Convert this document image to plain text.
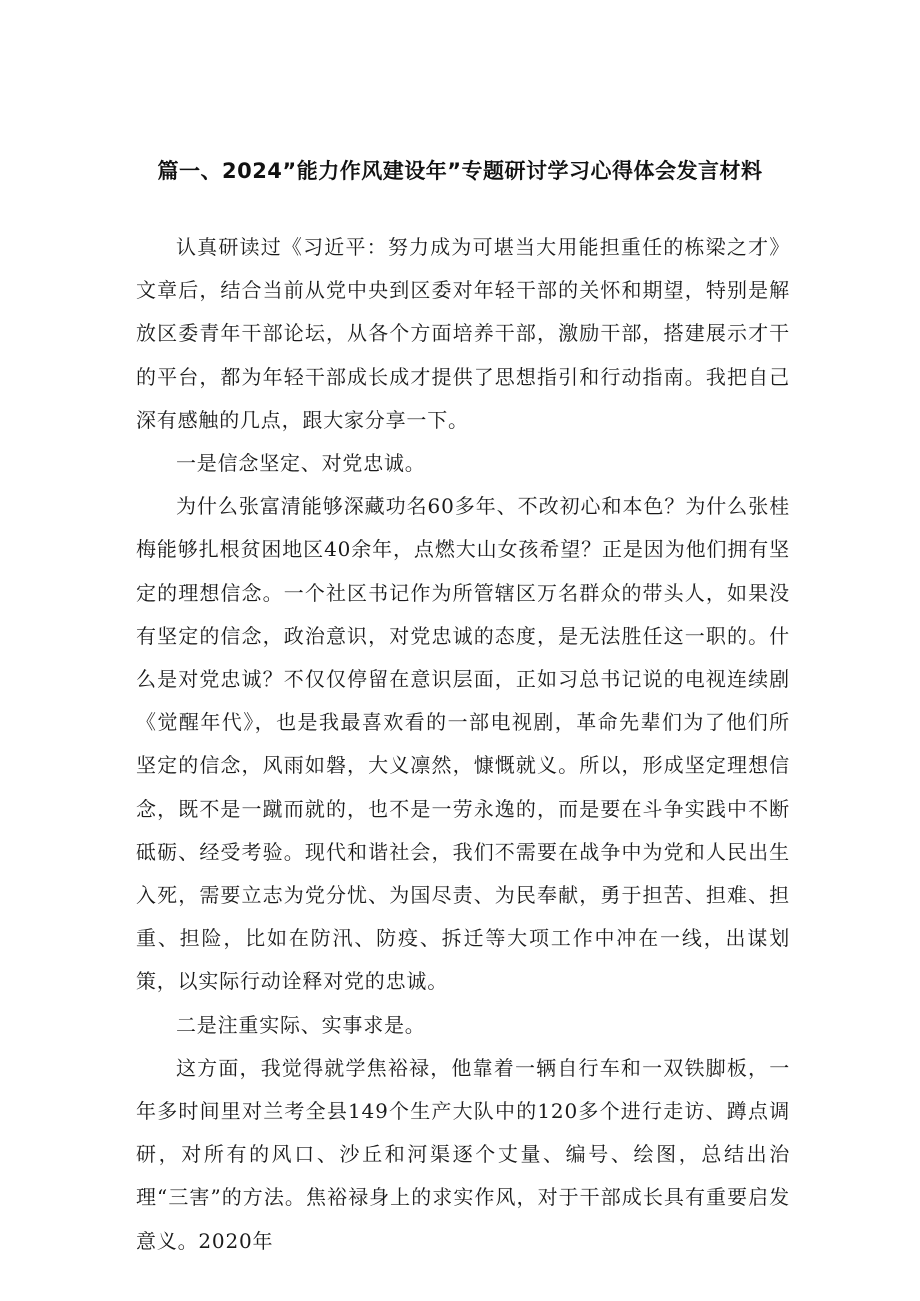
篇一、2024”能力作风建设年”专题研讨学习心得体会发言材料

认真研读过《习近平：努力成为可堪当大用能担重任的栋梁之才》文章后，结合当前从党中央到区委对年轻干部的关怀和期望，特别是解放区委青年干部论坛，从各个方面培养干部，激励干部，搭建展示才干的平台，都为年轻干部成长成才提供了思想指引和行动指南。我把自己深有感触的几点，跟大家分享一下。

一是信念坚定、对党忠诚。

为什么张富清能够深藏功名60多年、不改初心和本色？为什么张桂梅能够扎根贫困地区40余年，点燃大山女孩希望？正是因为他们拥有坚定的理想信念。一个社区书记作为所管辖区万名群众的带头人，如果没有坚定的信念，政治意识，对党忠诚的态度，是无法胜任这一职的。什么是对党忠诚？不仅仅停留在意识层面，正如习总书记说的电视连续剧《觉醒年代》，也是我最喜欢看的一部电视剧，革命先辈们为了他们所坚定的信念，风雨如磐，大义凛然，慷慨就义。所以，形成坚定理想信念，既不是一蹴而就的，也不是一劳永逸的，而是要在斗争实践中不断砥砺、经受考验。现代和谐社会，我们不需要在战争中为党和人民出生入死，需要立志为党分忧、为国尽责、为民奉献，勇于担苦、担难、担重、担险，比如在防汛、防疫、拆迁等大项工作中冲在一线，出谋划策，以实际行动诠释对党的忠诚。

二是注重实际、实事求是。

这方面，我觉得就学焦裕禄，他靠着一辆自行车和一双铁脚板，一年多时间里对兰考全县149个生产大队中的120多个进行走访、蹲点调研，对所有的风口、沙丘和河渠逐个丈量、编号、绘图，总结出治理“三害”的方法。焦裕禄身上的求实作风，对于干部成长具有重要启发意义。2020年
